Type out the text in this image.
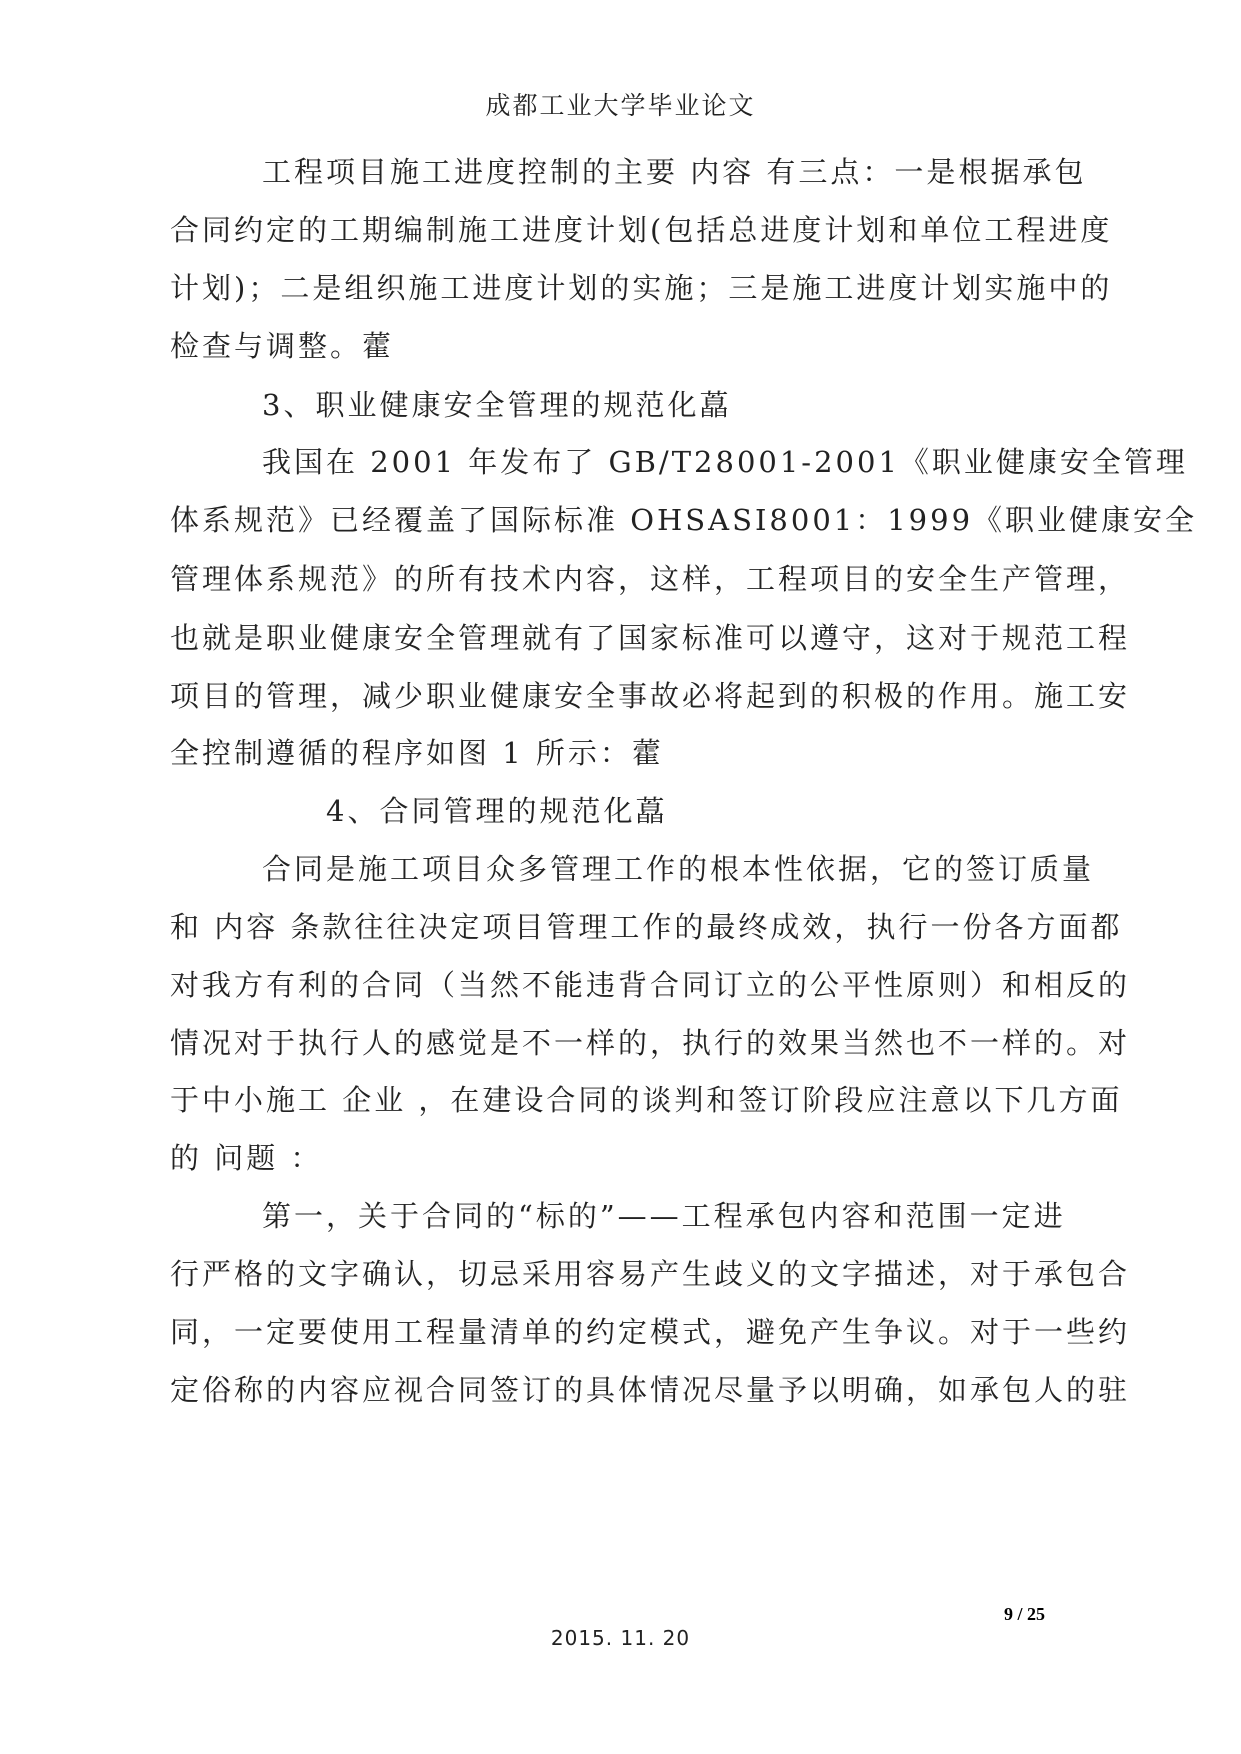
成都工业大学毕业论文
工程项目施工进度控制的主要 内容 有三点：一是根据承包
合同约定的工期编制施工进度计划(包括总进度计划和单位工程进度
计划)；二是组织施工进度计划的实施；三是施工进度计划实施中的
检查与调整。藿
3、职业健康安全管理的规范化藠
我国在 2001 年发布了 GB/T28001-2001《职业健康安全管理
体系规范》已经覆盖了国际标准 OHSASI8001：1999《职业健康安全
管理体系规范》的所有技术内容，这样，工程项目的安全生产管理，
也就是职业健康安全管理就有了国家标准可以遵守，这对于规范工程
项目的管理，减少职业健康安全事故必将起到的积极的作用。施工安
全控制遵循的程序如图 1 所示：藿
4、合同管理的规范化藠
合同是施工项目众多管理工作的根本性依据，它的签订质量
和 内容 条款往往决定项目管理工作的最终成效，执行一份各方面都
对我方有利的合同（当然不能违背合同订立的公平性原则）和相反的
情况对于执行人的感觉是不一样的，执行的效果当然也不一样的。对
于中小施工 企业 ，在建设合同的谈判和签订阶段应注意以下几方面
的 问题 ：
第一，关于合同的“标的”——工程承包内容和范围一定进
行严格的文字确认，切忌采用容易产生歧义的文字描述，对于承包合
同，一定要使用工程量清单的约定模式，避免产生争议。对于一些约
定俗称的内容应视合同签订的具体情况尽量予以明确，如承包人的驻
9 / 25
2015. 11. 20
